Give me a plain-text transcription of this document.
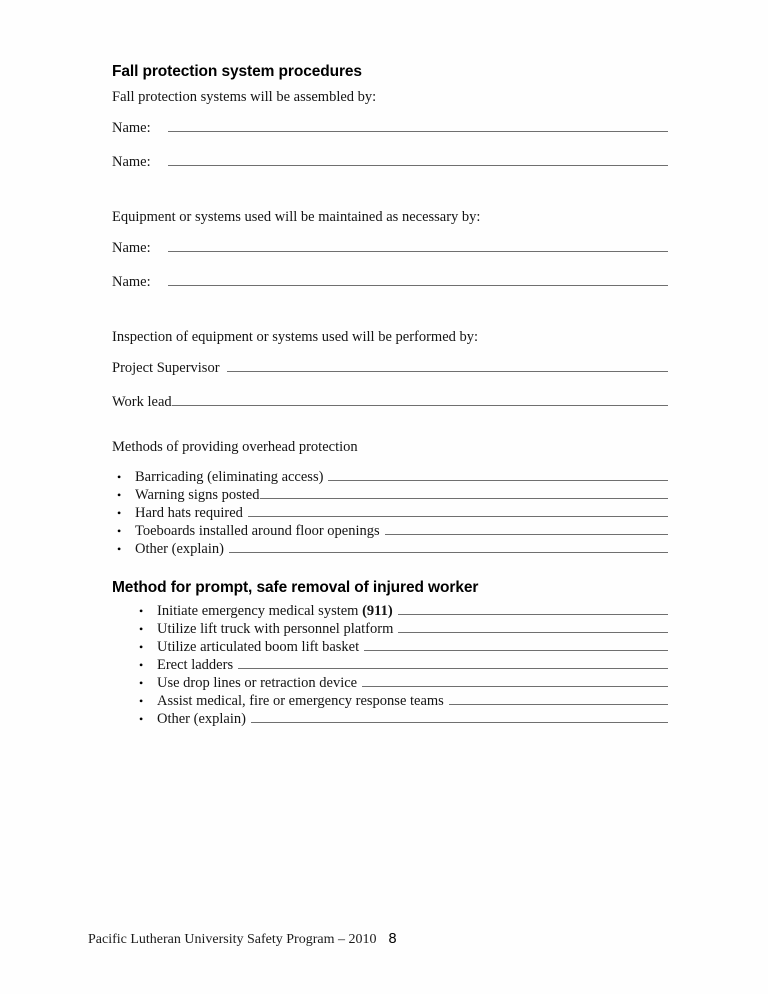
Fall protection system procedures

Fall protection systems will be assembled by:

Name:
Name:

Equipment or systems used will be maintained as necessary by:

Name:
Name:

Inspection of equipment or systems used will be performed by:

Project Supervisor
Work lead

Methods of providing overhead protection

• Barricading (eliminating access)
• Warning signs posted
• Hard hats required
• Toeboards installed around floor openings
• Other (explain)
Method for prompt, safe removal of injured worker
• Initiate emergency medical system (911)
• Utilize lift truck with personnel platform
• Utilize articulated boom lift basket
• Erect ladders
• Use drop lines or retraction device
• Assist medical, fire or emergency response teams
• Other (explain)
Pacific Lutheran University Safety Program – 2010 8
